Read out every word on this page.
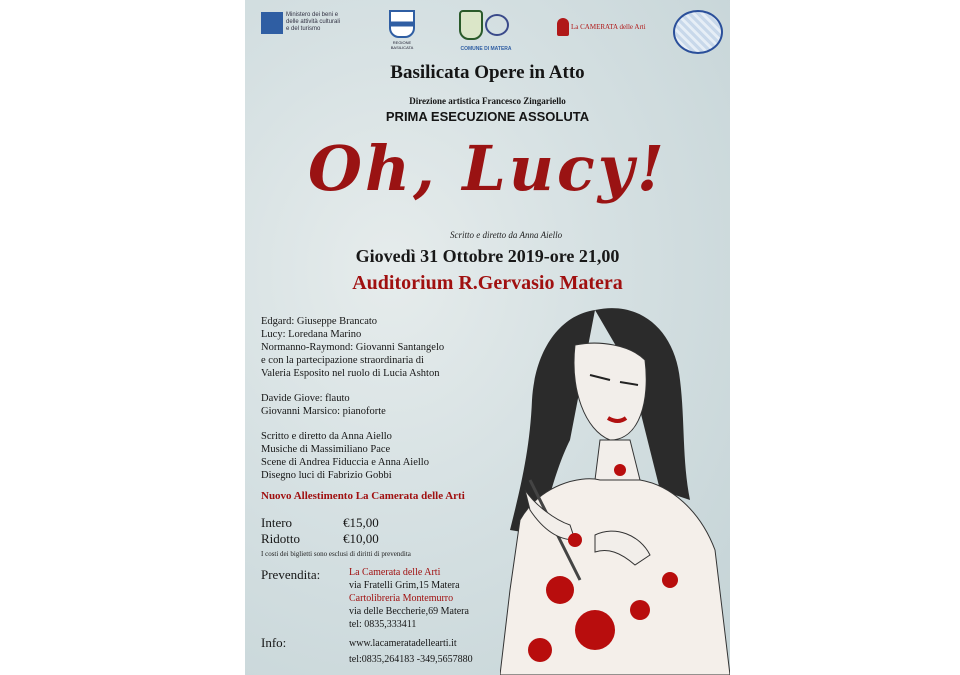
Ministero dei beni e delle attività culturali e del turismo
REGIONE BASILICATA	COMUNE DI MATERA
La CAMERATA delle Arti
Basilicata Opere in Atto
Direzione artistica Francesco Zingariello
PRIMA ESECUZIONE ASSOLUTA
Oh, Lucy!
Scritto e diretto da Anna Aiello
Giovedì 31 Ottobre 2019-ore 21,00
Auditorium R.Gervasio Matera
Edgard: Giuseppe Brancato
Lucy: Loredana Marino
Normanno-Raymond: Giovanni Santangelo
e con la partecipazione straordinaria di
Valeria Esposito nel ruolo di Lucia Ashton
Davide Giove: flauto
Giovanni Marsico: pianoforte
Scritto e diretto da Anna Aiello
Musiche di Massimiliano Pace
Scene di Andrea Fiduccia e Anna Aiello
Disegno luci di Fabrizio Gobbi
Nuovo Allestimento La Camerata delle Arti
Intero	€15,00
Ridotto	€10,00
I costi dei biglietti sono esclusi di diritti di prevendita
Prevendita:	La Camerata delle Arti
via Fratelli Grim,15 Matera
Cartolibreria Montemurro
via delle Beccherie,69 Matera
tel: 0835,333411
Info:	www.lacameratadellearti.it
tel:0835,264183 -349,5657880
